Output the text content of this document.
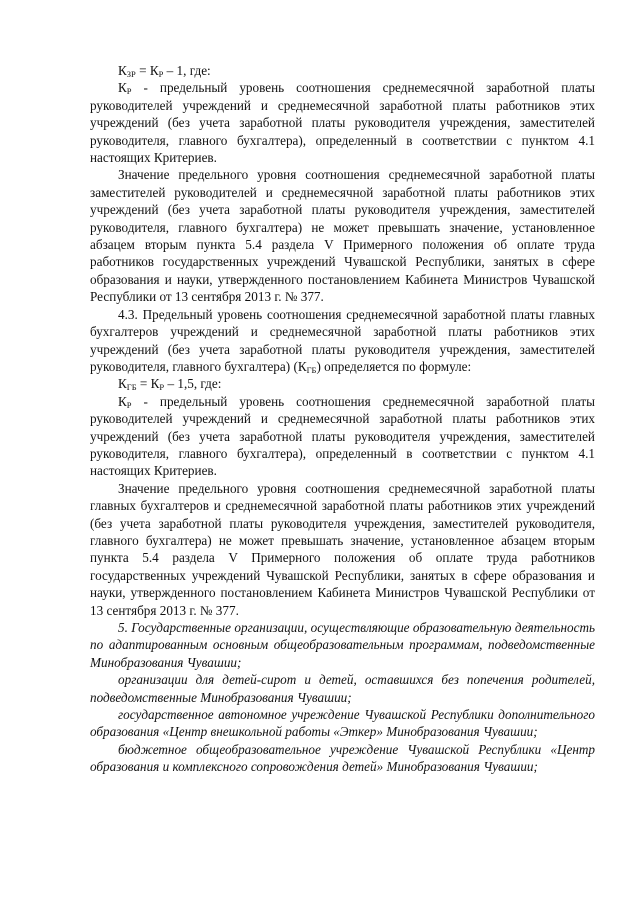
$К_{ЗР} = К_Р - 1$, где:

$К_Р$ - предельный уровень соотношения среднемесячной заработной платы руководителей учреждений и среднемесячной заработной платы работников этих учреждений (без учета заработной платы руководителя учреждения, заместителей руководителя, главного бухгалтера), определенный в соответствии с пунктом 4.1 настоящих Критериев.

Значение предельного уровня соотношения среднемесячной заработной платы заместителей руководителей и среднемесячной заработной платы работников этих учреждений (без учета заработной платы руководителя учреждения, заместителей руководителя, главного бухгалтера) не может превышать значение, установленное абзацем вторым пункта 5.4 раздела V Примерного положения об оплате труда работников государственных учреждений Чувашской Республики, занятых в сфере образования и науки, утвержденного постановлением Кабинета Министров Чувашской Республики от 13 сентября 2013 г. № 377.

4.3. Предельный уровень соотношения среднемесячной заработной платы главных бухгалтеров учреждений и среднемесячной заработной платы работников этих учреждений (без учета заработной платы руководителя учреждения, заместителей руководителя, главного бухгалтера) $(К_{ГБ})$ определяется по формуле:

$К_{ГБ} = К_Р - 1,5$, где:

$К_Р$ - предельный уровень соотношения среднемесячной заработной платы руководителей учреждений и среднемесячной заработной платы работников этих учреждений (без учета заработной платы руководителя учреждения, заместителей руководителя, главного бухгалтера), определенный в соответствии с пунктом 4.1 настоящих Критериев.

Значение предельного уровня соотношения среднемесячной заработной платы главных бухгалтеров и среднемесячной заработной платы работников этих учреждений (без учета заработной платы руководителя учреждения, заместителей руководителя, главного бухгалтера) не может превышать значение, установленное абзацем вторым пункта 5.4 раздела V Примерного положения об оплате труда работников государственных учреждений Чувашской Республики, занятых в сфере образования и науки, утвержденного постановлением Кабинета Министров Чувашской Республики от 13 сентября 2013 г. № 377.

5. Государственные организации, осуществляющие образовательную деятельность по адаптированным основным общеобразовательным программам, подведомственные Минобразования Чувашии;

организации для детей-сирот и детей, оставшихся без попечения родителей, подведомственные Минобразования Чувашии;

государственное автономное учреждение Чувашской Республики дополнительного образования «Центр внешкольной работы «Эткер» Минобразования Чувашии;

бюджетное общеобразовательное учреждение Чувашской Республики «Центр образования и комплексного сопровождения детей» Минобразования Чувашии;
